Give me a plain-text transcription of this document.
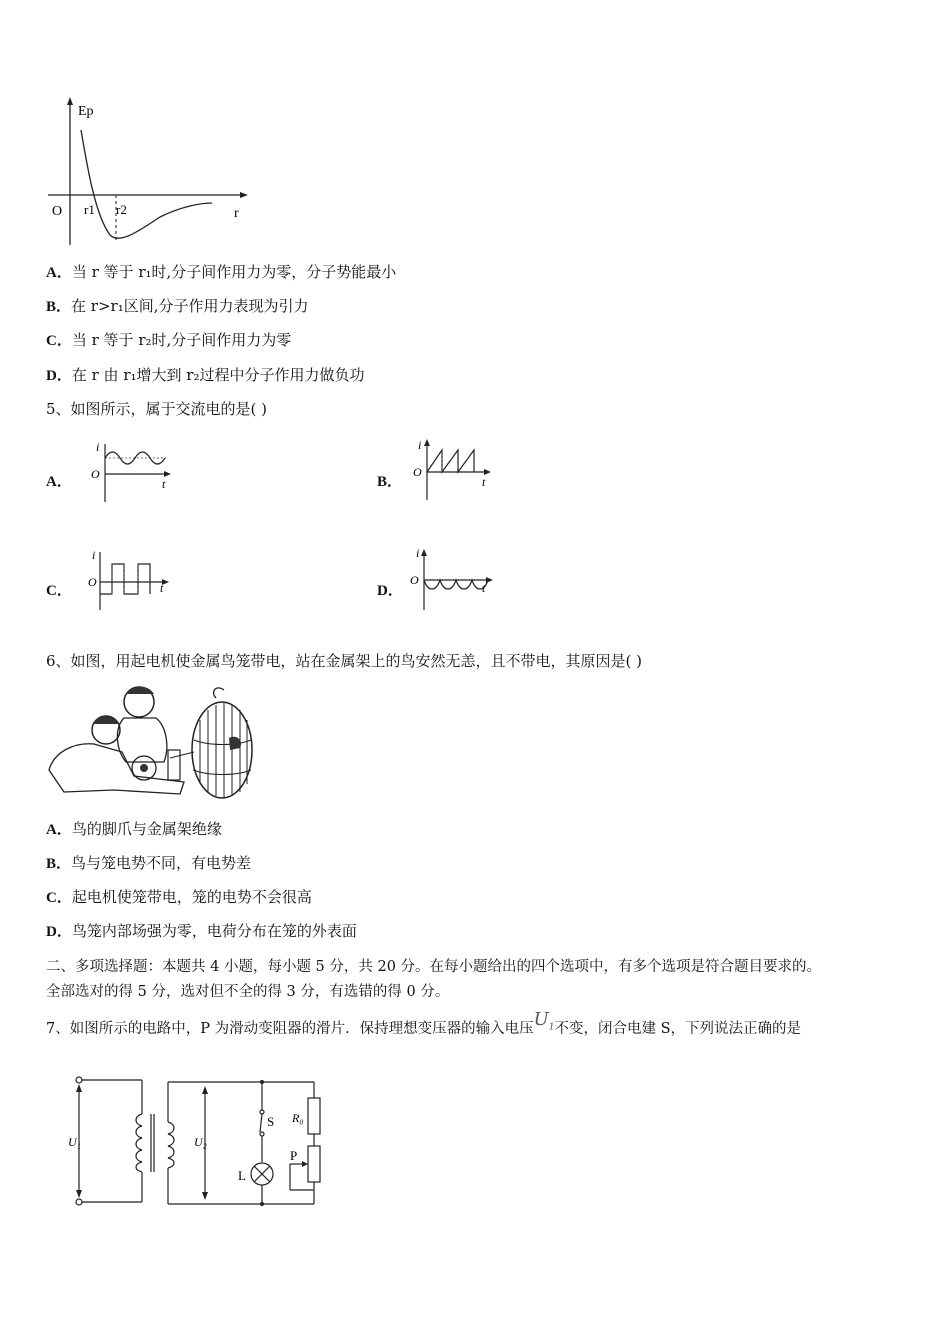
Ep
O r1 r2	r
A．当 r 等于 r₁时,分子间作用力为零，分子势能最小
B．在 r>r₁区间,分子作用力表现为引力
C．当 r 等于 r₂时,分子间作用力为零
D．在 r 由 r₁增大到 r₂过程中分子作用力做负功
5、如图所示，属于交流电的是( )
A．
i
O
t	B．
i
O
t
C．
i
O	t	D．
i
O
t
6、如图，用起电机使金属鸟笼带电，站在金属架上的鸟安然无恙，且不带电，其原因是( )
A．鸟的脚爪与金属架绝缘
B．鸟与笼电势不同，有电势差
C．起电机使笼带电，笼的电势不会很高
D．鸟笼内部场强为零，电荷分布在笼的外表面
二、多项选择题：本题共 4 小题，每小题 5 分，共 20 分。在每小题给出的四个选项中，有多个选项是符合题目要求的。
全部选对的得 5 分，选对但不全的得 3 分，有选错的得 0 分。
7、如图所示的电路中，P 为滑动变阻器的滑片．保持理想变压器的输入电压$U_1$不变，闭合电建 S，下列说法正确的是
U₁	U₂
S R₀
P
L
